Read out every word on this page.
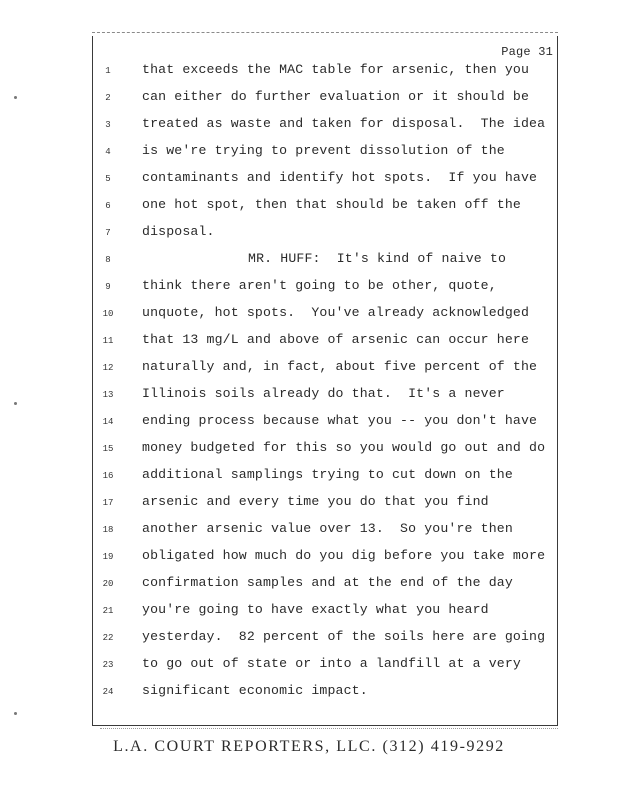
Page 31
1	that exceeds the MAC table for arsenic, then you
2	can either do further evaluation or it should be
3	treated as waste and taken for disposal.  The idea
4	is we're trying to prevent dissolution of the
5	contaminants and identify hot spots.  If you have
6	one hot spot, then that should be taken off the
7	disposal.
8	MR. HUFF:  It's kind of naive to
9	think there aren't going to be other, quote,
10	unquote, hot spots.  You've already acknowledged
11	that 13 mg/L and above of arsenic can occur here
12	naturally and, in fact, about five percent of the
13	Illinois soils already do that.  It's a never
14	ending process because what you -- you don't have
15	money budgeted for this so you would go out and do
16	additional samplings trying to cut down on the
17	arsenic and every time you do that you find
18	another arsenic value over 13.  So you're then
19	obligated how much do you dig before you take more
20	confirmation samples and at the end of the day
21	you're going to have exactly what you heard
22	yesterday.  82 percent of the soils here are going
23	to go out of state or into a landfill at a very
24	significant economic impact.
L.A. COURT REPORTERS, LLC. (312) 419-9292
